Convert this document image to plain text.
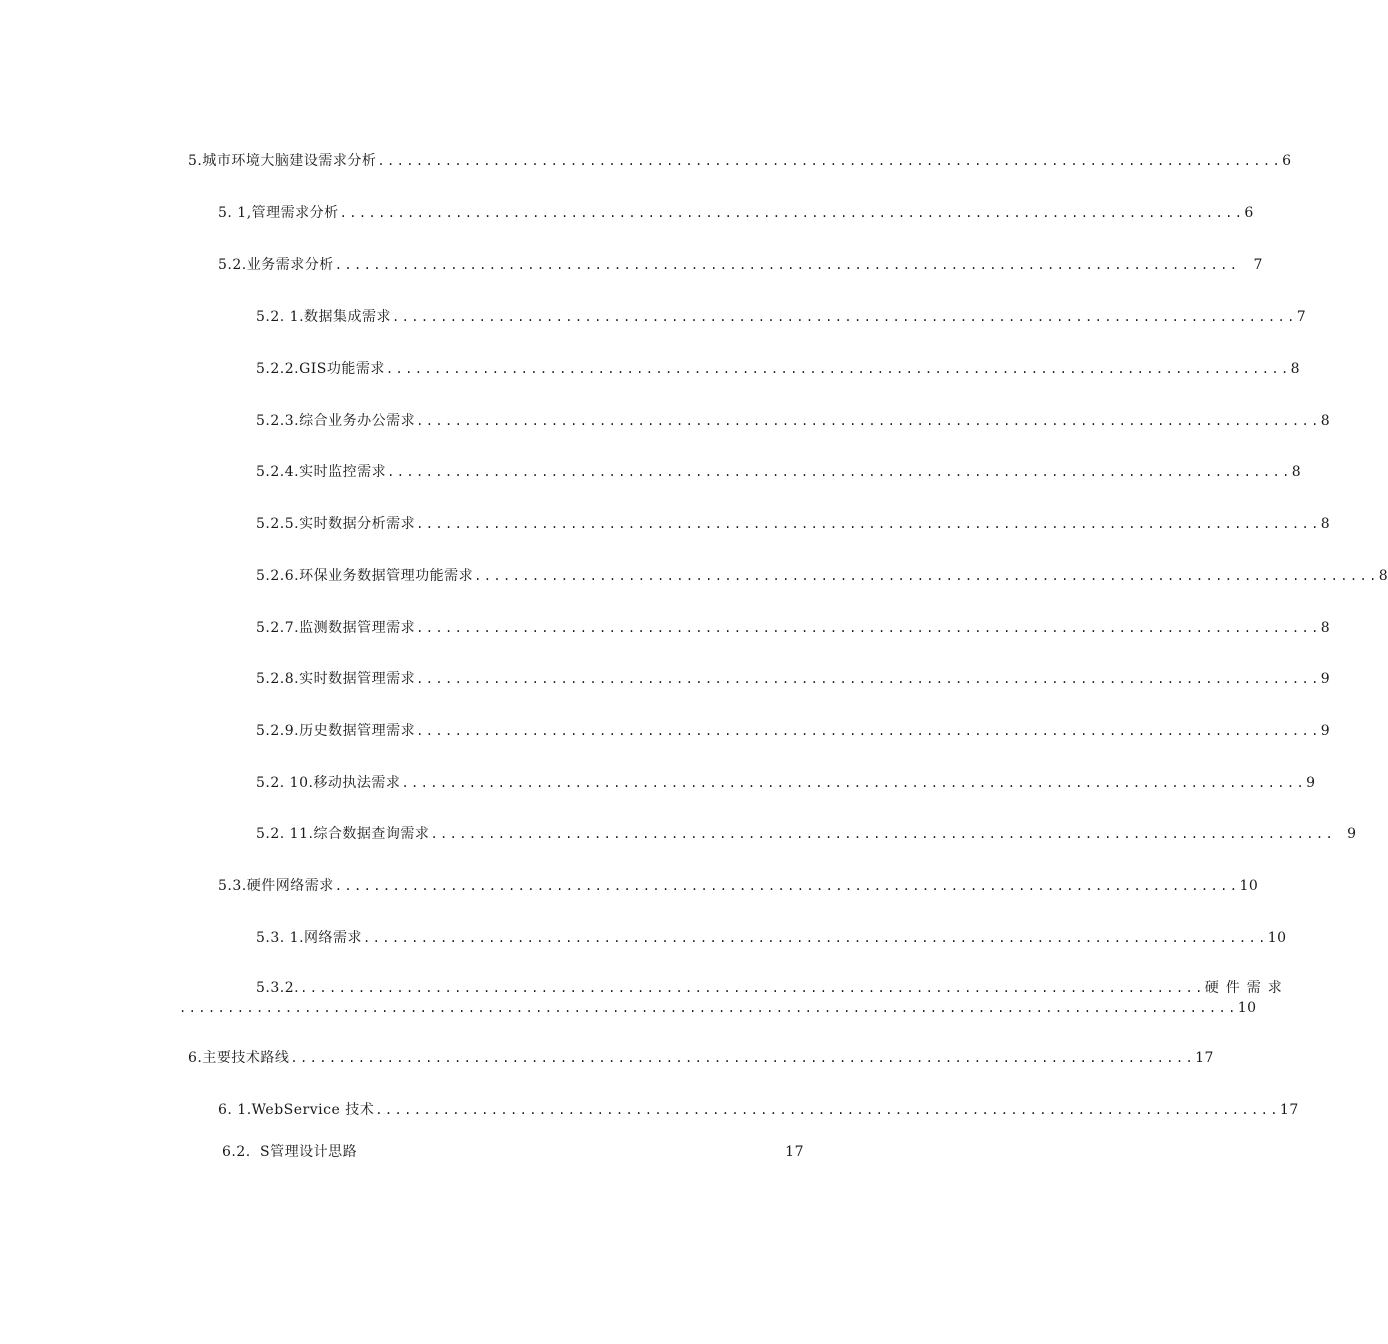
5. 城市环境大脑建设需求分析 .............................................................................................. 6
5. 1, 管理需求分析 .............................................................................................. 6
5.2. 业务需求分析 .............................................................................................. 7
5.2. 1. 数据集成需求 .............................................................................................. 7
5.2.2. GIS功能需求 .............................................................................................. 8
5.2.3. 综合业务办公需求 .............................................................................................. 8
5.2.4. 实时监控需求 .............................................................................................. 8
5.2.5. 实时数据分析需求 .............................................................................................. 8
5.2.6. 环保业务数据管理功能需求 .............................................................................................. 8
5.2.7. 监测数据管理需求 .............................................................................................. 8
5.2.8. 实时数据管理需求 .............................................................................................. 9
5.2.9. 历史数据管理需求 .............................................................................................. 9
5.2. 10. 移动执法需求 .............................................................................................. 9
5.2. 11. 综合数据查询需求 .............................................................................................. 9
5.3. 硬件网络需求 .............................................................................................. 10
5.3. 1. 网络需求 .............................................................................................. 10
5.3.2. .............................................................................................. 硬件需求
.............................................................................................................. 10
6. 主要技术路线 .............................................................................................. 17
6. 1. WebService 技术 .............................................................................................. 17
6.2. S管理设计思路	17
